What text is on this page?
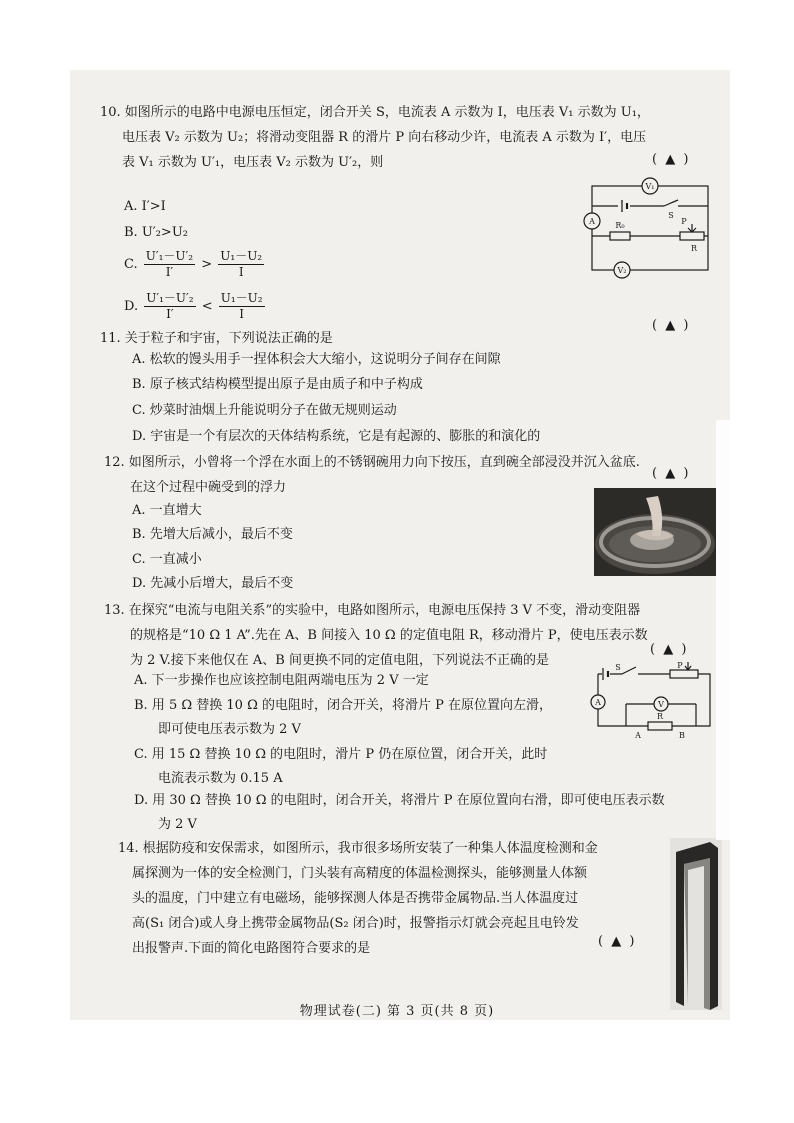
10. 如图所示的电路中电源电压恒定，闭合开关 S，电流表 A 示数为 I，电压表 V₁ 示数为 U₁，
电压表 V₂ 示数为 U₂；将滑动变阻器 R 的滑片 P 向右移动少许，电流表 A 示数为 I′，电压
表 V₁ 示数为 U′₁，电压表 V₂ 示数为 U′₂，则	( ▲ )
A. I′>I
B. U′₂>U₂
C. $\frac{\text{U′₁－U′₂}}{I'} > \frac{\text{U₁－U₂}}{I}$
D. $\frac{\text{U′₁－U′₂}}{I'} < \frac{\text{U₁－U₂}}{I}$
V₁
A
V₂
S
R₀	P
R
11. 关于粒子和宇宙，下列说法正确的是
( ▲ )
A. 松软的馒头用手一捏体积会大大缩小，这说明分子间存在间隙
B. 原子核式结构模型提出原子是由质子和中子构成
C. 炒菜时油烟上升能说明分子在做无规则运动
D. 宇宙是一个有层次的天体结构系统，它是有起源的、膨胀的和演化的
12. 如图所示，小曾将一个浮在水面上的不锈钢碗用力向下按压，直到碗全部浸没并沉入盆底.
在这个过程中碗受到的浮力
( ▲ )
A. 一直增大
B. 先增大后减小，最后不变
C. 一直减小
D. 先减小后增大，最后不变
13. 在探究“电流与电阻关系”的实验中，电路如图所示，电源电压保持 3 V 不变，滑动变阻器
的规格是“10 Ω 1 A”.先在 A、B 间接入 10 Ω 的定值电阻 R，移动滑片 P，使电压表示数
为 2 V.接下来他仅在 A、B 间更换不同的定值电阻，下列说法不正确的是
( ▲ )
A. 下一步操作也应该控制电阻两端电压为 2 V 一定
B. 用 5 Ω 替换 10 Ω 的电阻时，闭合开关，将滑片 P 在原位置向左滑，
即可使电压表示数为 2 V
C. 用 15 Ω 替换 10 Ω 的电阻时，滑片 P 仍在原位置，闭合开关，此时
电流表示数为 0.15 A
D. 用 30 Ω 替换 10 Ω 的电阻时，闭合开关，将滑片 P 在原位置向右滑，即可使电压表示数
为 2 V
S	P
V
A
R
A	B
14. 根据防疫和安保需求，如图所示，我市很多场所安装了一种集人体温度检测和金
属探测为一体的安全检测门，门头装有高精度的体温检测探头，能够测量人体额
头的温度，门中建立有电磁场，能够探测人体是否携带金属物品.当人体温度过
高(S₁ 闭合)或人身上携带金属物品(S₂ 闭合)时，报警指示灯就会亮起且电铃发
出报警声.下面的简化电路图符合要求的是	( ▲ )
物理试卷(二) 第 3 页(共 8 页)
